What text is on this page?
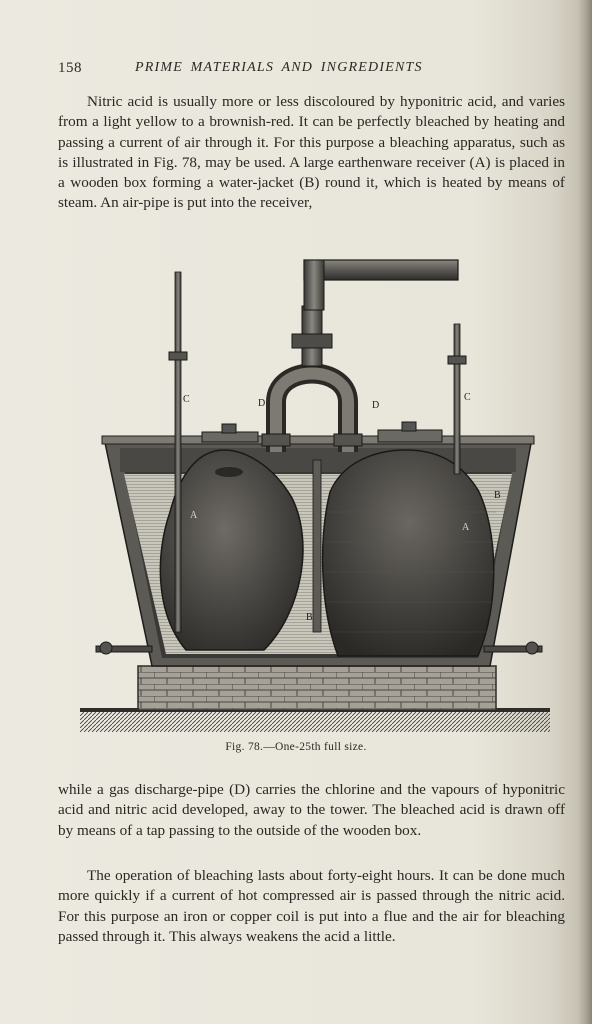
158	PRIME MATERIALS AND INGREDIENTS

Nitric acid is usually more or less discoloured by hyponitric acid, and varies from a light yellow to a brownish-red. It can be perfectly bleached by heating and passing a current of air through it. For this purpose a bleaching apparatus, such as is illustrated in Fig. 78, may be used. A large earthenware receiver (A) is placed in a wooden box forming a water-jacket (B) round it, which is heated by means of steam. An air-pipe is put into the receiver,

C	C
D	D
A
A
B
B
Fig. 78.—One-25th full size.

while a gas discharge-pipe (D) carries the chlorine and the vapours of hyponitric acid and nitric acid developed, away to the tower. The bleached acid is drawn off by means of a tap passing to the outside of the wooden box.

The operation of bleaching lasts about forty-eight hours. It can be done much more quickly if a current of hot compressed air is passed through the nitric acid. For this purpose an iron or copper coil is put into a flue and the air for bleaching passed through it. This always weakens the acid a little.
